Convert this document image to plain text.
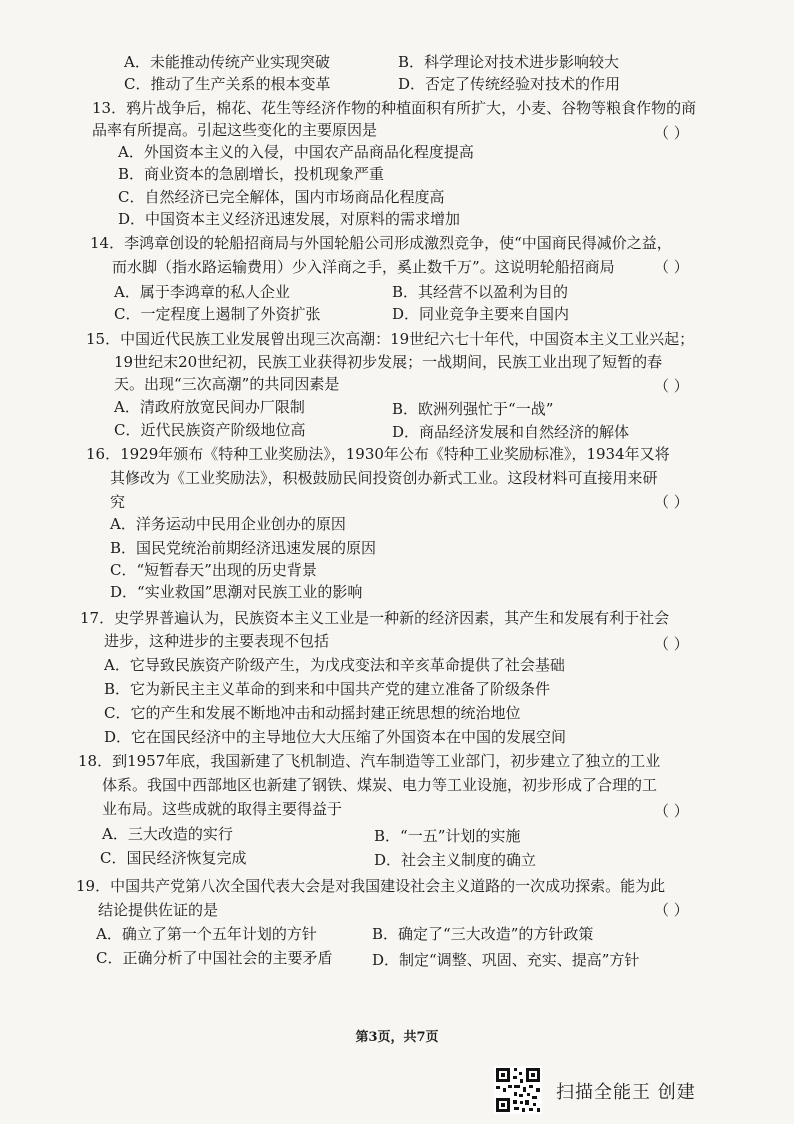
A．未能推动传统产业实现突破	B．科学理论对技术进步影响较大
C．推动了生产关系的根本变革	D．否定了传统经验对技术的作用
13．鸦片战争后，棉花、花生等经济作物的种植面积有所扩大，小麦、谷物等粮食作物的商
品率有所提高。引起这些变化的主要原因是	（ ）
A．外国资本主义的入侵，中国农产品商品化程度提高
B．商业资本的急剧增长，投机现象严重
C．自然经济已完全解体，国内市场商品化程度高
D．中国资本主义经济迅速发展，对原料的需求增加
14．李鸿章创设的轮船招商局与外国轮船公司形成激烈竞争，使“中国商民得减价之益，
而水脚（指水路运输费用）少入洋商之手，奚止数千万”。这说明轮船招商局	（ ）
A．属于李鸿章的私人企业	B．其经营不以盈利为目的
C．一定程度上遏制了外资扩张	D．同业竞争主要来自国内
15．中国近代民族工业发展曾出现三次高潮：19世纪六七十年代，中国资本主义工业兴起；
19世纪末20世纪初，民族工业获得初步发展；一战期间，民族工业出现了短暂的春
天。出现“三次高潮”的共同因素是	（ ）
A．清政府放宽民间办厂限制	B．欧洲列强忙于“一战”
C．近代民族资产阶级地位高	D．商品经济发展和自然经济的解体
16．1929年颁布《特种工业奖励法》，1930年公布《特种工业奖励标准》，1934年又将
其修改为《工业奖励法》，积极鼓励民间投资创办新式工业。这段材料可直接用来研
究	（ ）
A．洋务运动中民用企业创办的原因
B．国民党统治前期经济迅速发展的原因
C．“短暂春天”出现的历史背景
D．“实业救国”思潮对民族工业的影响
17．史学界普遍认为，民族资本主义工业是一种新的经济因素，其产生和发展有利于社会
进步，这种进步的主要表现不包括	（ ）
A．它导致民族资产阶级产生，为戊戌变法和辛亥革命提供了社会基础
B．它为新民主主义革命的到来和中国共产党的建立准备了阶级条件
C．它的产生和发展不断地冲击和动摇封建正统思想的统治地位
D．它在国民经济中的主导地位大大压缩了外国资本在中国的发展空间
18．到1957年底，我国新建了飞机制造、汽车制造等工业部门，初步建立了独立的工业
体系。我国中西部地区也新建了钢铁、煤炭、电力等工业设施，初步形成了合理的工
业布局。这些成就的取得主要得益于	（ ）
A．三大改造的实行	B．“一五”计划的实施
C．国民经济恢复完成	D．社会主义制度的确立
19．中国共产党第八次全国代表大会是对我国建设社会主义道路的一次成功探索。能为此
结论提供佐证的是	（ ）
A．确立了第一个五年计划的方针	B．确定了“三大改造”的方针政策
C．正确分析了中国社会的主要矛盾	D．制定“调整、巩固、充实、提高”方针
第3页，共7页
扫描全能王 创建
